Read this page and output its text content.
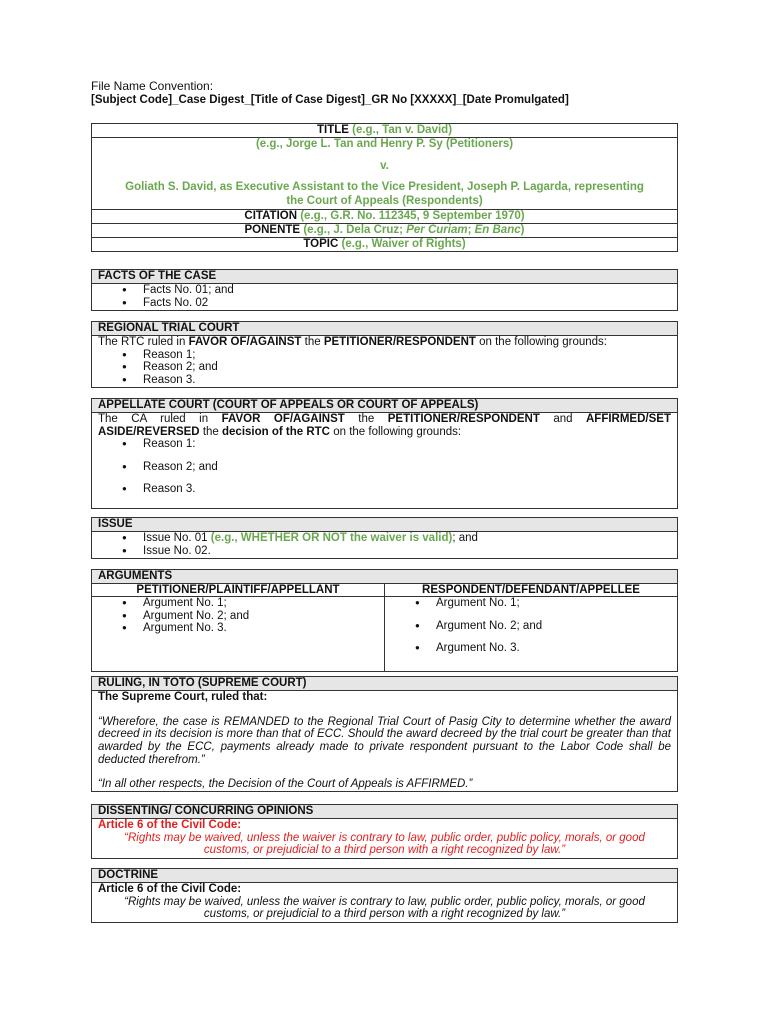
File Name Convention:
[Subject Code]_Case Digest_[Title of Case Digest]_GR No [XXXXX]_[Date Promulgated]
TITLE (e.g., Tan v. David)
(e.g., Jorge L. Tan and Henry P. Sy (Petitioners)
v.
Goliath S. David, as Executive Assistant to the Vice President, Joseph P. Lagarda, representing
the Court of Appeals (Respondents)
CITATION (e.g., G.R. No. 112345, 9 September 1970)
PONENTE (e.g., J. Dela Cruz; Per Curiam; En Banc)
TOPIC (e.g., Waiver of Rights)
FACTS OF THE CASE
● Facts No. 01; and
● Facts No. 02
REGIONAL TRIAL COURT
The RTC ruled in FAVOR OF/AGAINST the PETITIONER/RESPONDENT on the following grounds:
● Reason 1;
● Reason 2; and
● Reason 3.
APPELLATE COURT (COURT OF APPEALS OR COURT OF APPEALS)
The CA ruled in FAVOR OF/AGAINST the PETITIONER/RESPONDENT and AFFIRMED/SET ASIDE/REVERSED the decision of the RTC on the following grounds:
● Reason 1:
● Reason 2; and
● Reason 3.
ISSUE
● Issue No. 01 (e.g., WHETHER OR NOT the waiver is valid); and
● Issue No. 02.
ARGUMENTS
PETITIONER/PLAINTIFF/APPELLANT	RESPONDENT/DEFENDANT/APPELLEE
● Argument No. 1;
● Argument No. 2; and
● Argument No. 3.
● Argument No. 1;
● Argument No. 2; and
● Argument No. 3.
RULING, IN TOTO (SUPREME COURT)
The Supreme Court, ruled that:
“Wherefore, the case is REMANDED to the Regional Trial Court of Pasig City to determine whether the award decreed in its decision is more than that of ECC. Should the award decreed by the trial court be greater than that awarded by the ECC, payments already made to private respondent pursuant to the Labor Code shall be deducted therefrom.”
“In all other respects, the Decision of the Court of Appeals is AFFIRMED.”
DISSENTING/ CONCURRING OPINIONS
Article 6 of the Civil Code:
“Rights may be waived, unless the waiver is contrary to law, public order, public policy, morals, or good
customs, or prejudicial to a third person with a right recognized by law.”
DOCTRINE
Article 6 of the Civil Code:
“Rights may be waived, unless the waiver is contrary to law, public order, public policy, morals, or good
customs, or prejudicial to a third person with a right recognized by law.”
